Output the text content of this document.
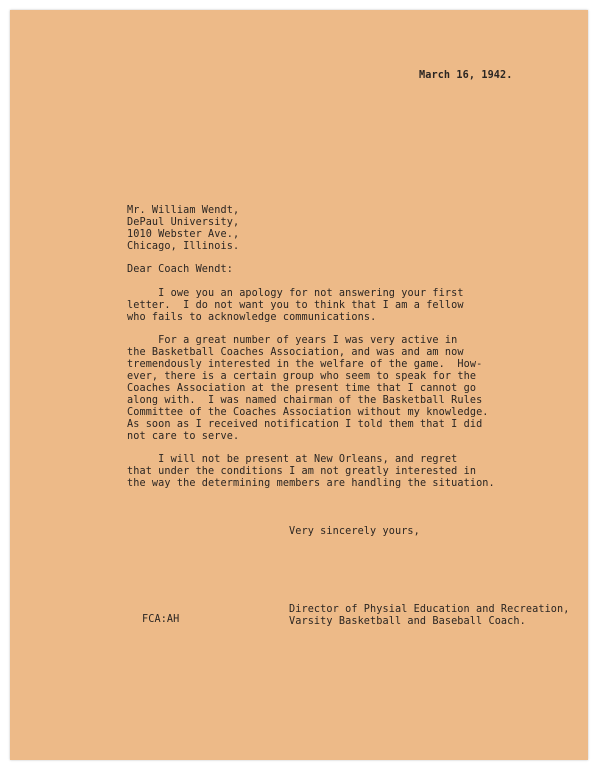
March 16, 1942.
Mr. William Wendt,
DePaul University,
1010 Webster Ave.,
Chicago, Illinois.
Dear Coach Wendt:
I owe you an apology for not answering your first
letter.  I do not want you to think that I am a fellow
who fails to acknowledge communications.
For a great number of years I was very active in
the Basketball Coaches Association, and was and am now
tremendously interested in the welfare of the game.  How-
ever, there is a certain group who seem to speak for the
Coaches Association at the present time that I cannot go
along with.  I was named chairman of the Basketball Rules
Committee of the Coaches Association without my knowledge.
As soon as I received notification I told them that I did
not care to serve.
I will not be present at New Orleans, and regret
that under the conditions I am not greatly interested in
the way the determining members are handling the situation.
Very sincerely yours,
Director of Physial Education and Recreation,
Varsity Basketball and Baseball Coach.
FCA:AH
